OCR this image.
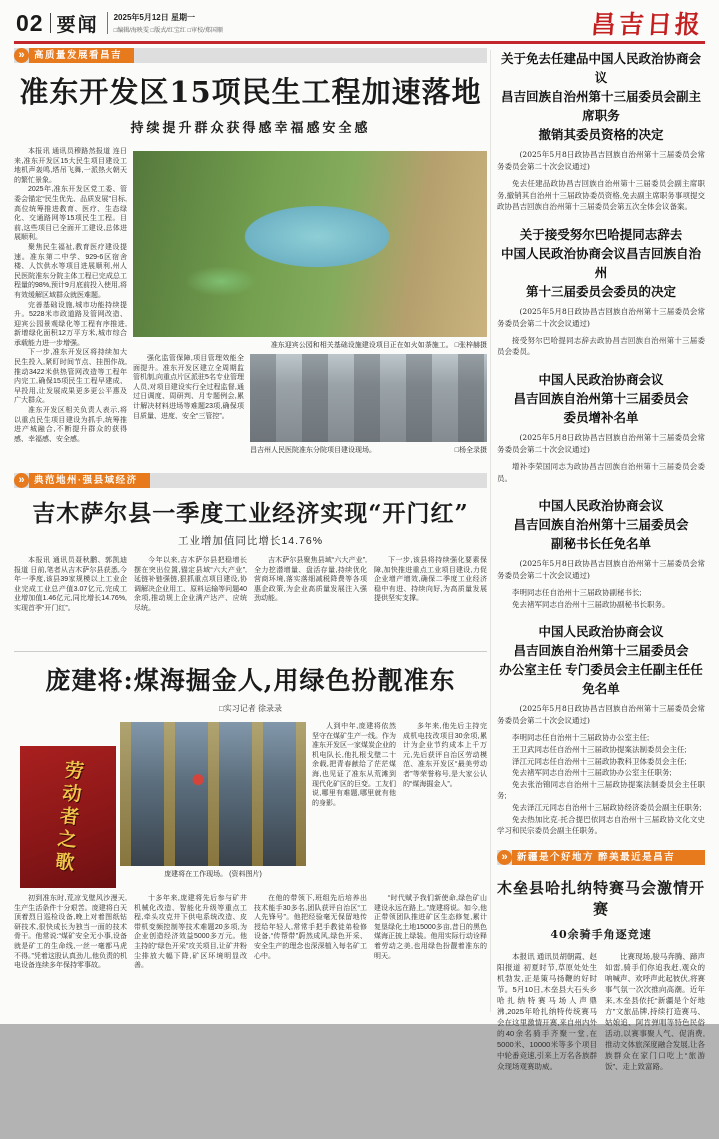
02 要闻 2025年5月12日 星期一
□编辑/海映雯 □版式/红宝红 □审校/郑国顺	昌吉日报
» 高质量发展看昌吉
准东开发区15项民生工程加速落地
持续提升群众获得感幸福感安全感

本报讯 通讯员穆路然报道 连日来,准东开发区15大民生项目建设工地机声轰鸣,塔吊飞舞,一派热火朝天的繁忙景象。

2025年,准东开发区党工委、管委会锚定“民生优先、品质发展”目标,高位统筹推进教育、医疗、生态绿化、交通路网等15项民生工程。目前,这些项目已全面开工建设,总体进展顺利。

聚焦民生福祉,教育医疗建设提速。准东第二中学、929-6区宿舍楼、人饮供水等项目进展顺利,州人民医院准东分院主体工程已完成总工程量的98%,预计9月底前投入使用,将有效缓解区域群众就医难题。

完善基础设施,城市功能持续提升。5228米市政道路及管网改造、迎宾公园景观绿化等工程有序推进,新增绿化面积12万平方米,城市综合承载能力进一步增强。

下一步,准东开发区将持续加大民生投入,紧盯时间节点、挂图作战,推动3422米供热管网改造等工程年内完工,确保15项民生工程早建成、早投用,让发展成果更多更公平惠及广大群众。

准东开发区相关负责人表示,将以重点民生项目建设为抓手,统筹推进产城融合,不断提升群众的获得感、幸福感、安全感。

准东迎宾公园和相关基础设施建设项目正在如火如荼施工。 □张梓赫摄

强化监管保障,项目管理效能全面提升。准东开发区建立全周期监管机制,向重点片区派驻5名专业管理人员,对项目建设实行全过程监督,通过日调度、周研判、月专题例会,累计解决材料进场等难题23项,确保项目质量、进度、安全“三管控”。

昌吉州人民医院准东分院项目建设现场。	□杨全录摄
» 典范地州·强县域经济
吉木萨尔县一季度工业经济实现“开门红”
工业增加值同比增长14.76%

本报讯 通讯员聂秋鹏、郭凯迪报道 日前,笔者从吉木萨尔县获悉,今年一季度,该县39家规模以上工业企业完成工业总产值3.07亿元,完成工业增加值1.46亿元,同比增长14.76%,实现首季“开门红”。

今年以来,吉木萨尔县把稳增长摆在突出位置,锚定县域“六大产业”,延链补链强链,狠抓重点项目建设,协调解决企业用工、原料运输等问题40余项,推动规上企业满产达产、应统尽统。

吉木萨尔县聚焦县域“六大产业”,全力挖潜增量、盘活存量,持续优化营商环境,落实落细减税降费等各项惠企政策,为企业高质量发展注入强劲动能。

下一步,该县将持续强化要素保障,加快推进重点工业项目建设,力促企业增产增效,确保二季度工业经济稳中有进、持续向好,为高质量发展提供坚实支撑。

庞建将:煤海掘金人,用绿色扮靓准东
□实习记者 徐录录
劳动者之歌	庞建将在工作现场。 (资料图片)

人到中年,庞建将依然坚守在煤矿生产一线。作为准东开发区一家煤炭企业的机电队长,他扎根戈壁二十余载,把青春献给了茫茫煤海,也见证了准东从荒滩到现代化矿区的巨变。工友们说,哪里有难题,哪里就有他的身影。

多年来,他先后主持完成机电技改项目30余项,累计为企业节约成本上千万元,先后获评自治区劳动模范、准东开发区“最美劳动者”等荣誉称号,是大家公认的“煤海掘金人”。

初到准东时,荒凉戈壁风沙漫天,生产生活条件十分艰苦。庞建将白天顶着烈日巡检设备,晚上对着图纸钻研技术,很快成长为独当一面的技术骨干。他常说:“煤矿安全无小事,设备就是矿工的生命线,一丝一毫都马虎不得。”凭着这股认真劲儿,他负责的机电设备连续多年保持零事故。

十多年来,庞建将先后参与矿井机械化改造、智能化升级等重点工程,牵头攻克井下供电系统改造、皮带机变频控制等技术难题20多项,为企业创造经济效益5000多万元。他主持的“绿色开采”攻关项目,让矿井粉尘排放大幅下降,矿区环境明显改善。

在他的带领下,班组先后培养出技术能手30多名,团队获评自治区“工人先锋号”。他把经验毫无保留地传授给年轻人,常常手把手教徒弟检修设备,“传帮带”蔚然成风,绿色开采、安全生产的理念也深深植入每名矿工心中。

“时代赋予我们新使命,绿色矿山建设永远在路上。”庞建将说。如今,他正带领团队推进矿区生态修复,累计复垦绿化土地15000多亩,昔日的黑色煤海正披上绿装。他用实际行动诠释着劳动之美,也用绿色扮靓着准东的明天。

关于免去任建品中国人民政治协商会议
昌吉回族自治州第十三届委员会副主席职务
撤销其委员资格的决定
(2025年5月8日政协昌吉回族自治州第十三届委员会常务委员会第二十次会议通过)

免去任建品政协昌吉回族自治州第十三届委员会副主席职务,撤销其自治州十三届政协委员资格,免去副主席职务事项提交政协昌吉回族自治州第十三届委员会第五次全体会议备案。

关于接受努尔巴哈提同志辞去
中国人民政治协商会议昌吉回族自治州
第十三届委员会委员的决定
(2025年5月8日政协昌吉回族自治州第十三届委员会常务委员会第二十次会议通过)

接受努尔巴哈提同志辞去政协昌吉回族自治州第十三届委员会委员。

中国人民政治协商会议
昌吉回族自治州第十三届委员会
委员增补名单
(2025年5月8日政协昌吉回族自治州第十三届委员会常务委员会第二十次会议通过)

增补李荣国同志为政协昌吉回族自治州第十三届委员会委员。

中国人民政治协商会议
昌吉回族自治州第十三届委员会
副秘书长任免名单
(2025年5月8日政协昌吉回族自治州第十三届委员会常务委员会第二十次会议通过)

李明同志任自治州十三届政协副秘书长;

免去褚军同志自治州十三届政协副秘书长职务。

中国人民政治协商会议
昌吉回族自治州第十三届委员会
办公室主任 专门委员会主任副主任任免名单
(2025年5月8日政协昌吉回族自治州第十三届委员会常务委员会第二十次会议通过)

李明同志任自治州十三届政协办公室主任;

王卫武同志任自治州十三届政协提案法制委员会主任;

泽江元同志任自治州十三届政协教科卫体委员会主任;

免去褚军同志自治州十三届政协办公室主任职务;

免去张治锦同志自治州十三届政协提案法制委员会主任职务;

免去泽江元同志自治州十三届政协经济委员会副主任职务;

免去热加比克·托合提巴依同志自治州十三届政协文化文史学习和民宗委员会副主任职务。

» 新疆是个好地方 醉美最近是昌吉
木垒县哈扎纳特赛马会激情开赛
40余骑手角逐竞速

本报讯 通讯员胡朝霞、赵阳报道 初夏时节,草原处处生机勃发,正是策马扬鞭的好时节。5月10日,木垒县大石头乡哈扎纳特赛马场人声鼎沸,2025年哈扎纳特传统赛马会在这里激情开赛,来自州内外的40余名骑手齐聚一堂,在5000米、10000米等多个项目中轮番竞速,引来上万名各族群众现场观赛助威。

比赛现场,骏马奔腾、蹄声如雷,骑手们你追我赶,观众的呐喊声、欢呼声此起彼伏,将赛事气氛一次次推向高潮。近年来,木垒县依托“新疆是个好地方”文旅品牌,持续打造赛马、姑娘追、阿肯弹唱等特色民俗活动,以赛事聚人气、促消费,推动文体旅深度融合发展,让各族群众在家门口吃上“旅游饭”、走上致富路。
